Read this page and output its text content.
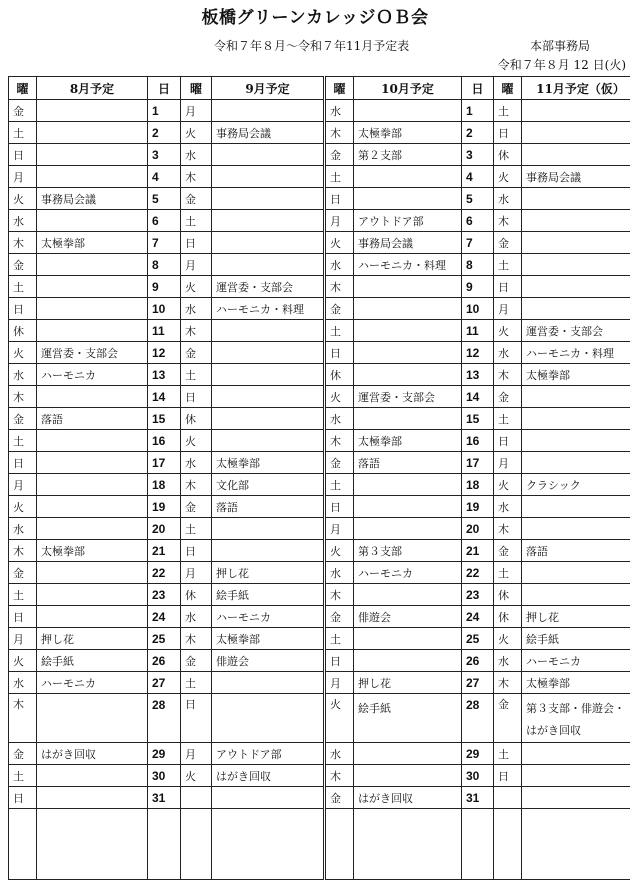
板橋グリーンカレッジＯＢ会
令和７年８月～令和７年11月予定表	本部事務局
令和７年８月 12 日(火)
曜	8月予定	日	曜	9月予定	曜	10月予定	日	曜	11月予定（仮）
金		1	月		水		1	土	
土		2	火	事務局会議	木	太極拳部	2	日	
日		3	水		金	第２支部	3	休	
月		4	木		土		4	火	事務局会議
火	事務局会議	5	金		日		5	水	
水		6	土		月	アウトドア部	6	木	
木	太極拳部	7	日		火	事務局会議	7	金	
金		8	月		水	ハーモニカ・料理	8	土	
土		9	火	運営委・支部会	木		9	日	
日		10	水	ハーモニカ・料理	金		10	月	
休		11	木		土		11	火	運営委・支部会
火	運営委・支部会	12	金		日		12	水	ハーモニカ・料理
水	ハーモニカ	13	土		休		13	木	太極拳部
木		14	日		火	運営委・支部会	14	金	
金	落語	15	休		水		15	土	
土		16	火		木	太極拳部	16	日	
日		17	水	太極拳部	金	落語	17	月	
月		18	木	文化部	土		18	火	クラシック
火		19	金	落語	日		19	水	
水		20	土		月		20	木	
木	太極拳部	21	日		火	第３支部	21	金	落語
金		22	月	押し花	水	ハーモニカ	22	土	
土		23	休	絵手紙	木		23	休	
日		24	水	ハーモニカ	金	俳遊会	24	休	押し花
月	押し花	25	木	太極拳部	土		25	火	絵手紙
火	絵手紙	26	金	俳遊会	日		26	水	ハーモニカ
水	ハーモニカ	27	土		月	押し花	27	木	太極拳部
木		28	日		火	絵手紙	28	金	第３支部・俳遊会・
はがき回収
金	はがき回収	29	月	アウトドア部	水		29	土	
土		30	火	はがき回収	木		30	日	
日		31			金	はがき回収	31		
